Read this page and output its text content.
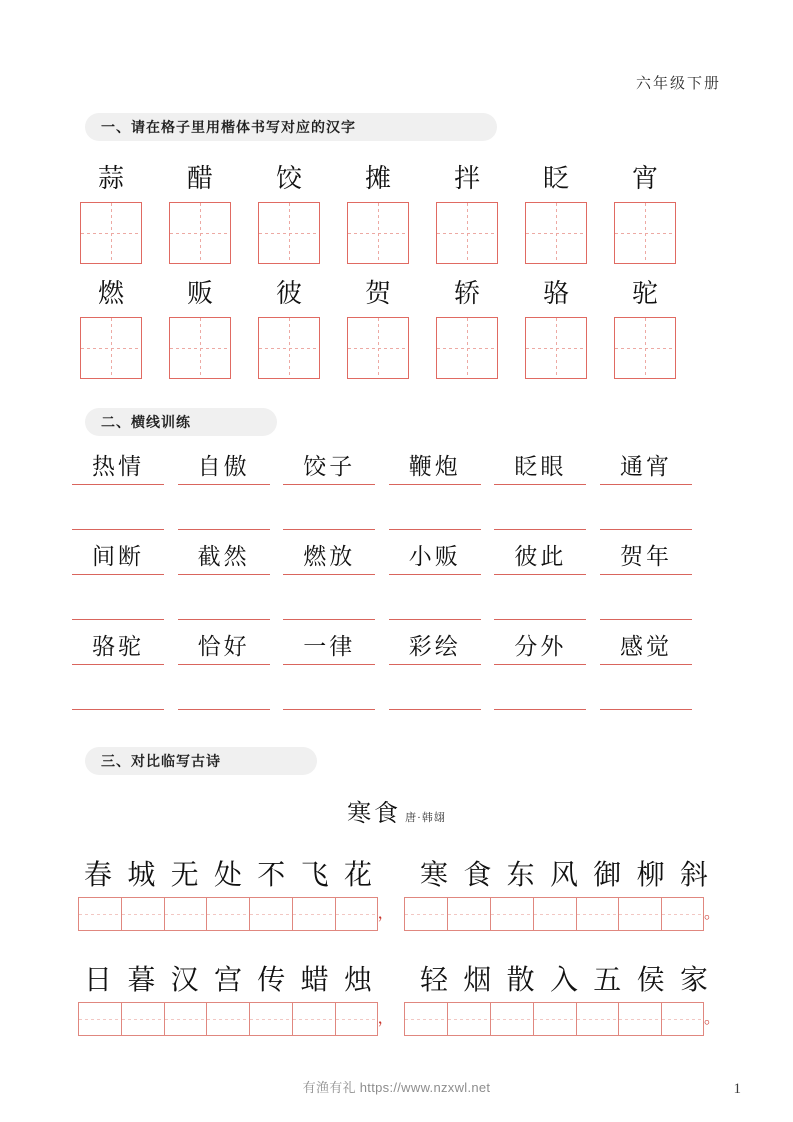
六年级下册
一、请在格子里用楷体书写对应的汉字
蒜 醋 饺 摊 拌 眨 宵
燃 贩 彼 贺 轿 骆 驼
二、横线训练
热情	自傲	饺子	鞭炮	眨眼	通宵
间断	截然	燃放	小贩	彼此	贺年
骆驼	恰好	一律	彩绘	分外	感觉
三、对比临写古诗
寒食 唐·韩翃
春 城 无 处 不 飞 花 寒 食 东 风 御 柳 斜
，	。
日 暮 汉 宫 传 蜡 烛 轻 烟 散 入 五 侯 家
，	。
有渔有礼 https://www.nzxwl.net	1
